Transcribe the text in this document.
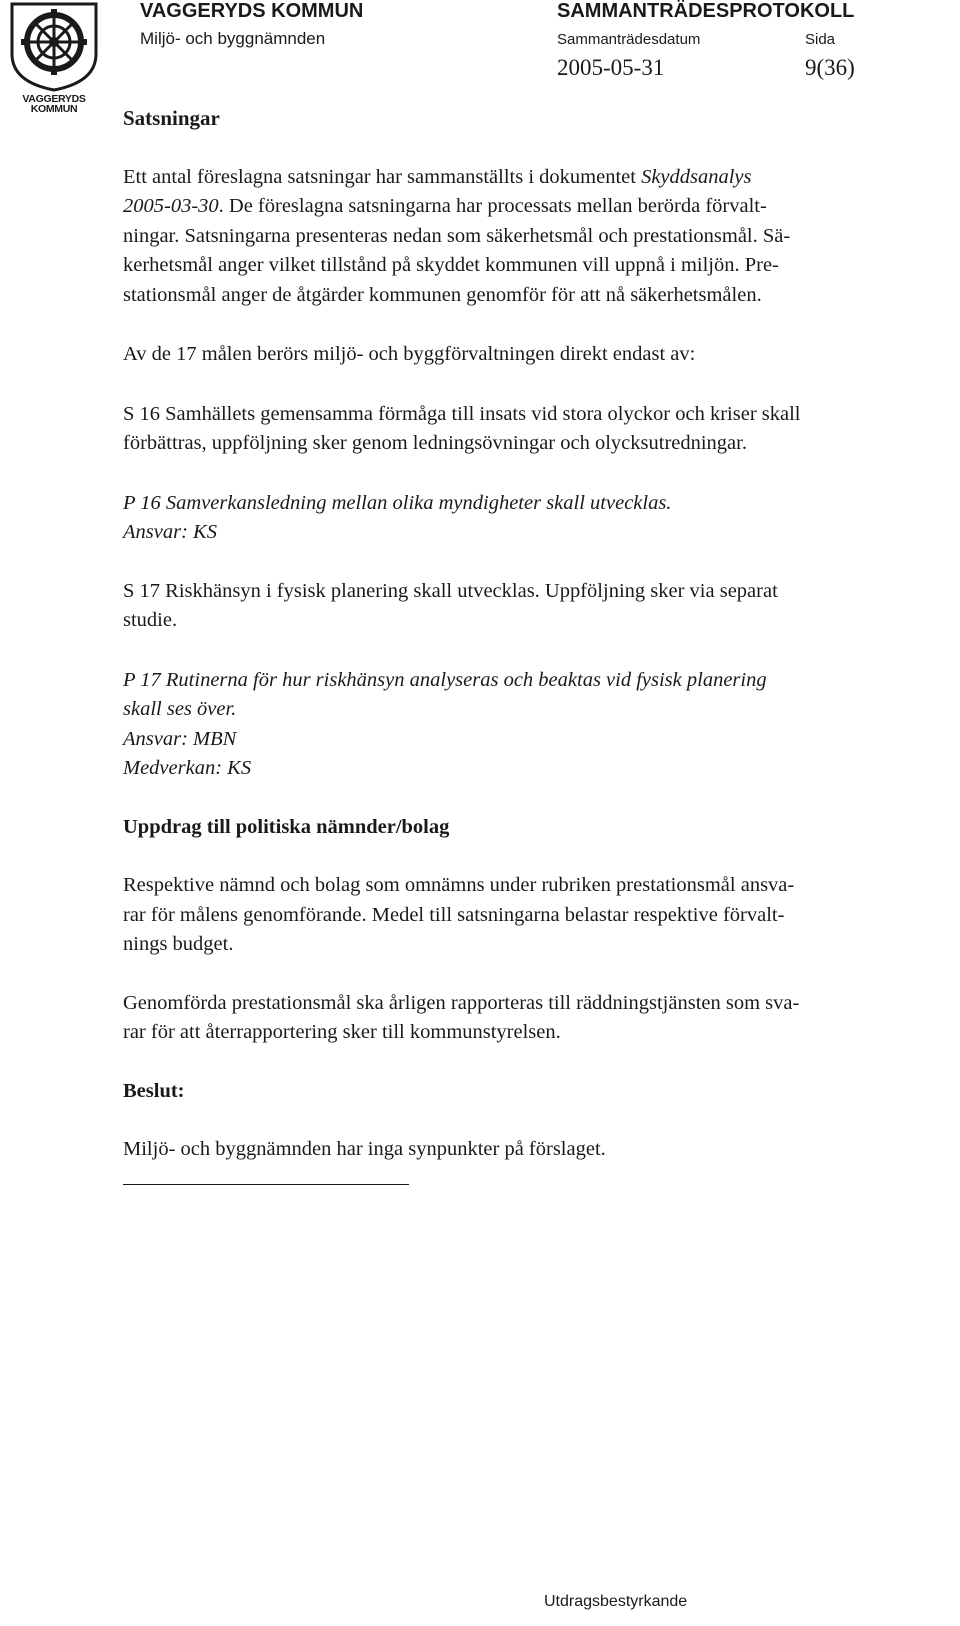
VAGGERYDS
KOMMUN
VAGGERYDS KOMMUN
Miljö- och byggnämnden
SAMMANTRÄDESPROTOKOLL
Sammanträdesdatum	Sida
2005-05-31	9(36)

Satsningar

Ett antal föreslagna satsningar har sammanställts i dokumentet Skyddsanalys
2005-03-30. De föreslagna satsningarna har processats mellan berörda förvalt-
ningar. Satsningarna presenteras nedan som säkerhetsmål och prestationsmål. Sä-
kerhetsmål anger vilket tillstånd på skyddet kommunen vill uppnå i miljön. Pre-
stationsmål anger de åtgärder kommunen genomför för att nå säkerhetsmålen.

Av de 17 målen berörs miljö- och byggförvaltningen direkt endast av:

S 16 Samhällets gemensamma förmåga till insats vid stora olyckor och kriser skall
förbättras, uppföljning sker genom ledningsövningar och olycksutredningar.

P 16 Samverkansledning mellan olika myndigheter skall utvecklas.
Ansvar: KS

S 17 Riskhänsyn i fysisk planering skall utvecklas. Uppföljning sker via separat
studie.

P 17 Rutinerna för hur riskhänsyn analyseras och beaktas vid fysisk planering
skall ses över.
Ansvar: MBN
Medverkan: KS

Uppdrag till politiska nämnder/bolag

Respektive nämnd och bolag som omnämns under rubriken prestationsmål ansva-
rar för målens genomförande. Medel till satsningarna belastar respektive förvalt-
nings budget.

Genomförda prestationsmål ska årligen rapporteras till räddningstjänsten som sva-
rar för att återrapportering sker till kommunstyrelsen.

Beslut:

Miljö- och byggnämnden har inga synpunkter på förslaget.

Utdragsbestyrkande
